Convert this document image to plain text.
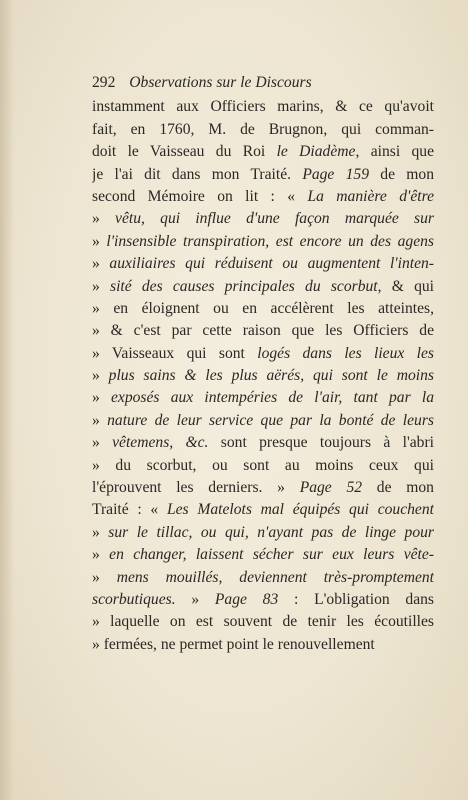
292 Observations sur le Discours
instamment aux Officiers marins, & ce qu'avoit
fait, en 1760, M. de Brugnon, qui comman-
doit le Vaisseau du Roi le Diadème, ainsi que
je l'ai dit dans mon Traité. Page 159 de mon
second Mémoire on lit : « La manière d'être
» vêtu, qui influe d'une façon marquée sur
» l'insensible transpiration, est encore un des agens
» auxiliaires qui réduisent ou augmentent l'inten-
» sité des causes principales du scorbut, & qui
» en éloignent ou en accélèrent les atteintes,
» & c'est par cette raison que les Officiers de
» Vaisseaux qui sont logés dans les lieux les
» plus sains & les plus aërés, qui sont le moins
» exposés aux intempéries de l'air, tant par la
» nature de leur service que par la bonté de leurs
» vêtemens, &c. sont presque toujours à l'abri
» du scorbut, ou sont au moins ceux qui
l'éprouvent les derniers. » Page 52 de mon
Traité : « Les Matelots mal équipés qui couchent
» sur le tillac, ou qui, n'ayant pas de linge pour
» en changer, laissent sécher sur eux leurs vête-
» mens mouillés, deviennent très-promptement
scorbutiques. » Page 83 : L'obligation dans
» laquelle on est souvent de tenir les écoutilles
» fermées, ne permet point le renouvellement
